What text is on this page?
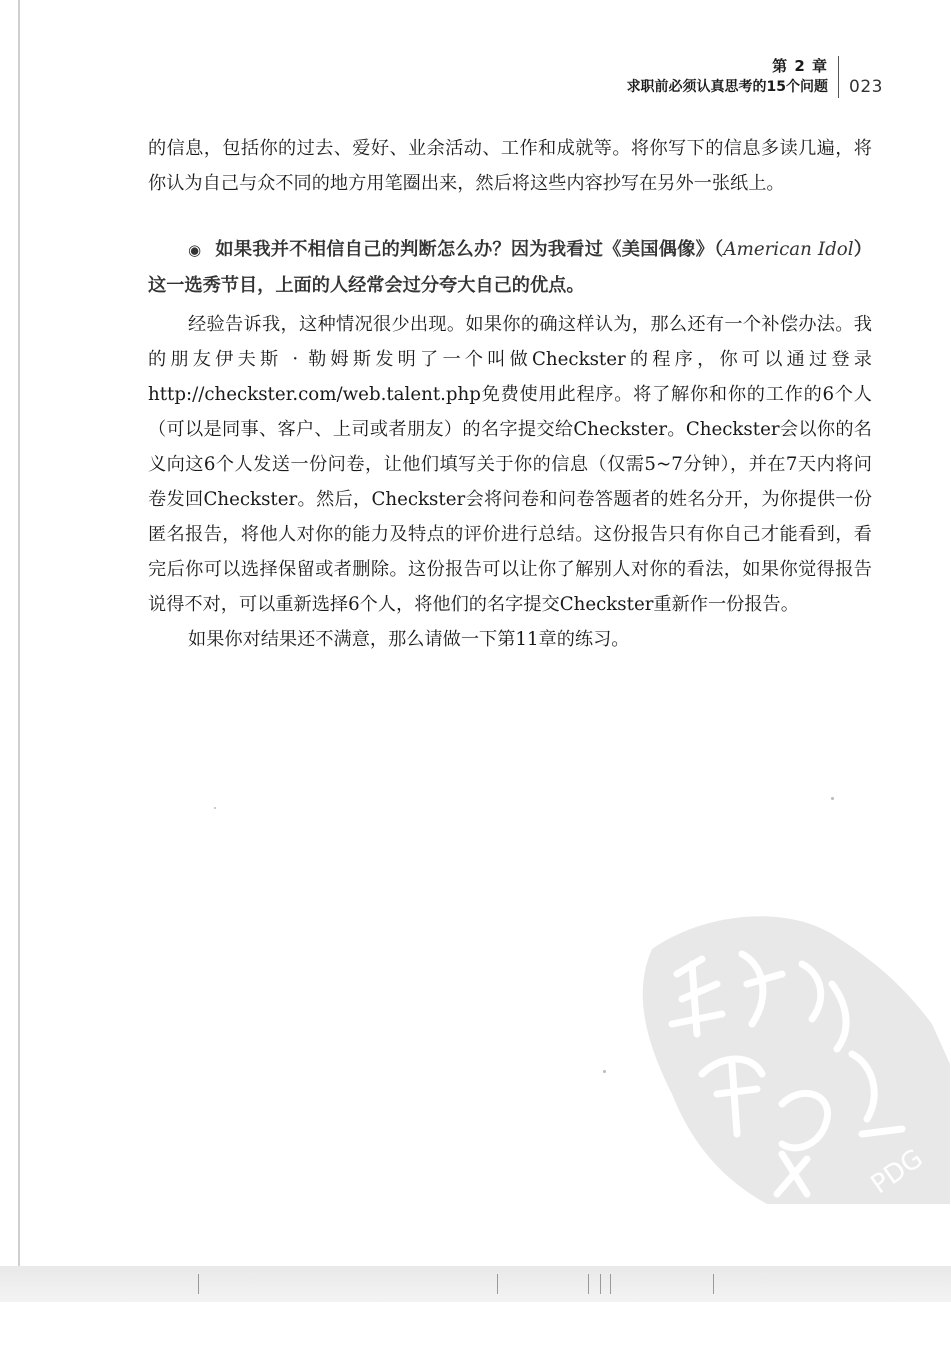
第 2 章
求职前必须认真思考的15个问题 023

的信息，包括你的过去、爱好、业余活动、工作和成就等。将你写下的信息多读几遍，将你认为自己与众不同的地方用笔圈出来，然后将这些内容抄写在另外一张纸上。

◉ 如果我并不相信自己的判断怎么办？因为我看过《美国偶像》（American Idol）这一选秀节目，上面的人经常会过分夸大自己的优点。

经验告诉我，这种情况很少出现。如果你的确这样认为，那么还有一个补偿办法。我的朋友伊夫斯 · 勒姆斯发明了一个叫做Checkster的程序，你可以通过登录http://checkster.com/web.talent.php免费使用此程序。将了解你和你的工作的6个人（可以是同事、客户、上司或者朋友）的名字提交给Checkster。Checkster会以你的名义向这6个人发送一份问卷，让他们填写关于你的信息（仅需5~7分钟），并在7天内将问卷发回Checkster。然后，Checkster会将问卷和问卷答题者的姓名分开，为你提供一份匿名报告，将他人对你的能力及特点的评价进行总结。这份报告只有你自己才能看到，看完后你可以选择保留或者删除。这份报告可以让你了解别人对你的看法，如果你觉得报告说得不对，可以重新选择6个人，将他们的名字提交Checkster重新作一份报告。

如果你对结果还不满意，那么请做一下第11章的练习。

PDG
